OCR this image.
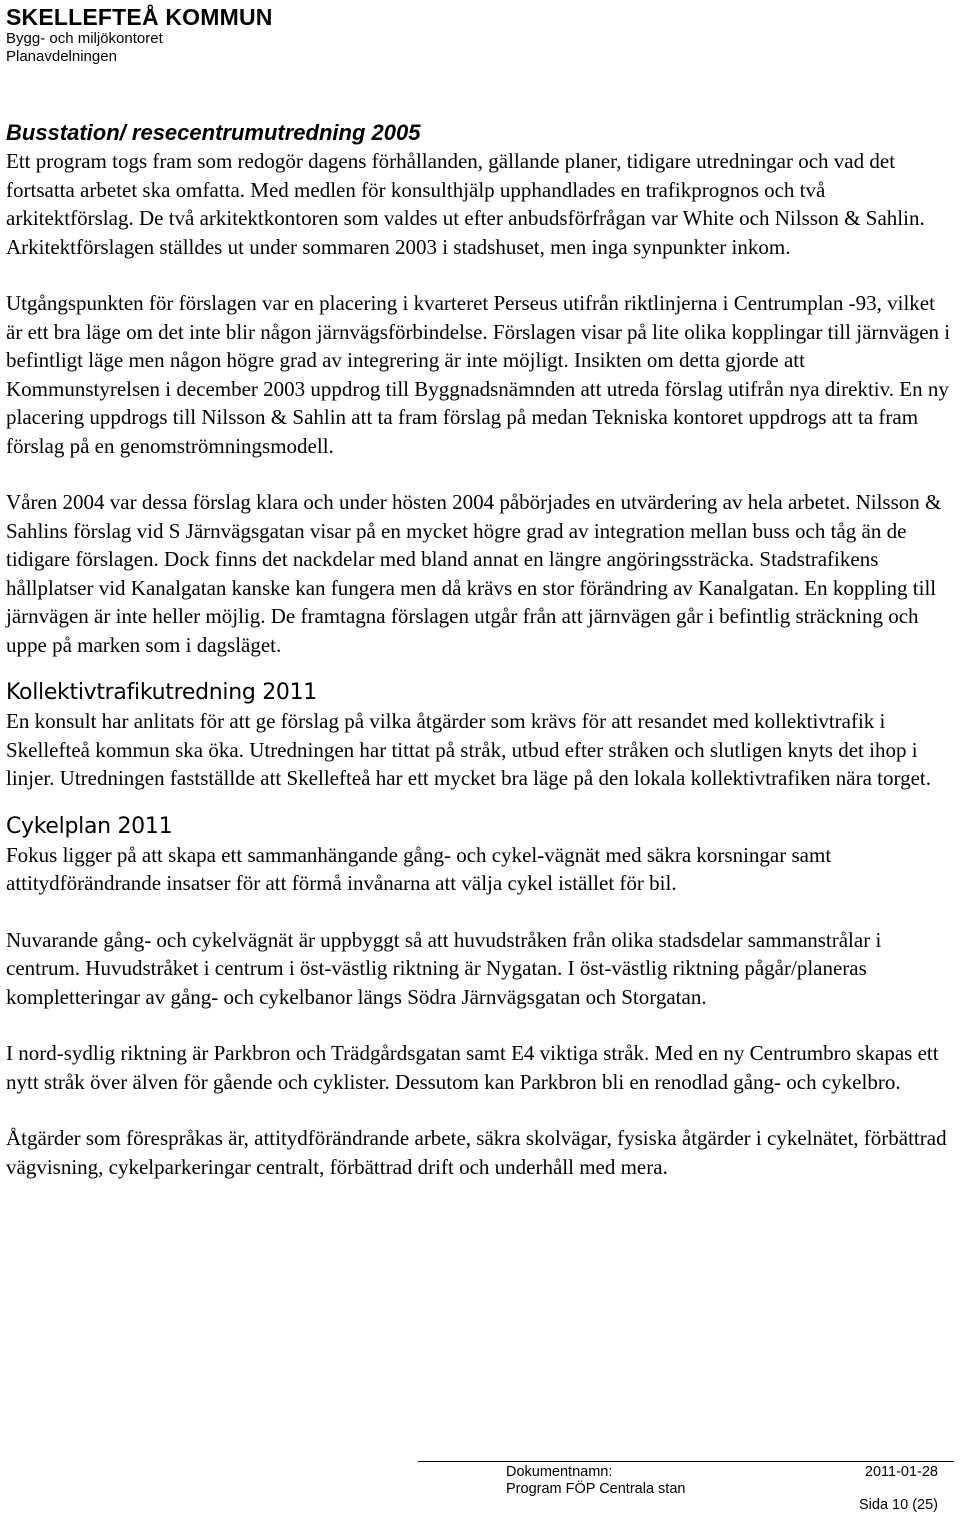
SKELLEFTEÅ KOMMUN
Bygg- och miljökontoret
Planavdelningen
Busstation/ resecentrumutredning 2005

Ett program togs fram som redogör dagens förhållanden, gällande planer, tidigare utredningar och vad det fortsatta arbetet ska omfatta. Med medlen för konsulthjälp upphandlades en trafikprognos och två arkitektförslag. De två arkitektkontoren som valdes ut efter anbudsförfrågan var White och Nilsson & Sahlin. Arkitektförslagen ställdes ut under sommaren 2003 i stadshuset, men inga synpunkter inkom.

Utgångspunkten för förslagen var en placering i kvarteret Perseus utifrån riktlinjerna i Centrumplan -93, vilket är ett bra läge om det inte blir någon järnvägsförbindelse. Förslagen visar på lite olika kopplingar till järnvägen i befintligt läge men någon högre grad av integrering är inte möjligt. Insikten om detta gjorde att Kommunstyrelsen i december 2003 uppdrog till Byggnadsnämnden att utreda förslag utifrån nya direktiv. En ny placering uppdrogs till Nilsson & Sahlin att ta fram förslag på medan Tekniska kontoret uppdrogs att ta fram förslag på en genomströmningsmodell.

Våren 2004 var dessa förslag klara och under hösten 2004 påbörjades en utvärdering av hela arbetet. Nilsson & Sahlins förslag vid S Järnvägsgatan visar på en mycket högre grad av integration mellan buss och tåg än de tidigare förslagen. Dock finns det nackdelar med bland annat en längre angöringssträcka. Stadstrafikens hållplatser vid Kanalgatan kanske kan fungera men då krävs en stor förändring av Kanalgatan. En koppling till järnvägen är inte heller möjlig. De framtagna förslagen utgår från att järnvägen går i befintlig sträckning och uppe på marken som i dagsläget.

Kollektivtrafikutredning 2011

En konsult har anlitats för att ge förslag på vilka åtgärder som krävs för att resandet med kollektivtrafik i Skellefteå kommun ska öka. Utredningen har tittat på stråk, utbud efter stråken och slutligen knyts det ihop i linjer. Utredningen fastställde att Skellefteå har ett mycket bra läge på den lokala kollektivtrafiken nära torget.

Cykelplan 2011

Fokus ligger på att skapa ett sammanhängande gång- och cykel-vägnät med säkra korsningar samt attitydförändrande insatser för att förmå invånarna att välja cykel istället för bil.

Nuvarande gång- och cykelvägnät är uppbyggt så att huvudstråken från olika stadsdelar sammanstrålar i centrum. Huvudstråket i centrum i öst-västlig riktning är Nygatan. I öst-västlig riktning pågår/planeras kompletteringar av gång- och cykelbanor längs Södra Järnvägsgatan och Storgatan.

I nord-sydlig riktning är Parkbron och Trädgårdsgatan samt E4 viktiga stråk. Med en ny Centrumbro skapas ett nytt stråk över älven för gående och cyklister. Dessutom kan Parkbron bli en renodlad gång- och cykelbro.

Åtgärder som förespråkas är, attitydförändrande arbete, säkra skolvägar, fysiska åtgärder i cykelnätet, förbättrad vägvisning, cykelparkeringar centralt, förbättrad drift och underhåll med mera.

Dokumentnamn:
Program FÖP Centrala stan
2011-01-28
Sida 10 (25)
